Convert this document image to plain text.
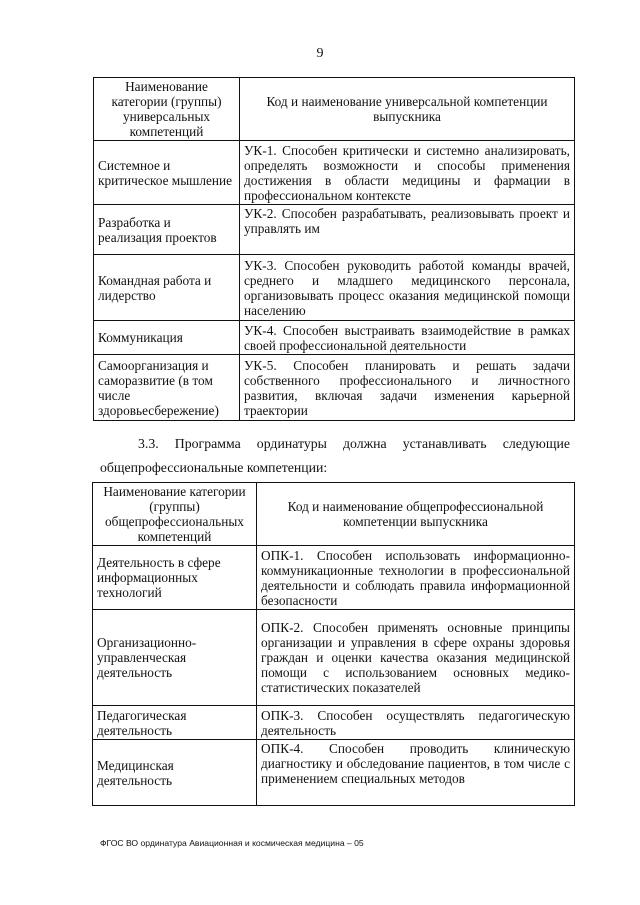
9
Наименование категории (группы) универсальных компетенций	Код и наименование универсальной компетенции выпускника
Системное и критическое мышление	УК-1. Способен критически и системно анализировать, определять возможности и способы применения достижения в области медицины и фармации в профессиональном контексте
Разработка и реализация проектов	УК-2. Способен разрабатывать, реализовывать проект и управлять им
Командная работа и лидерство	УК-3. Способен руководить работой команды врачей, среднего и младшего медицинского персонала, организовывать процесс оказания медицинской помощи населению
Коммуникация	УК-4. Способен выстраивать взаимодействие в рамках своей профессиональной деятельности
Самоорганизация и саморазвитие (в том числе здоровьесбережение)	УК-5. Способен планировать и решать задачи собственного профессионального и личностного развития, включая задачи изменения карьерной траектории
3.3. Программа ординатуры должна устанавливать следующие общепрофессиональные компетенции:
Наименование категории (группы) общепрофессиональных компетенций	Код и наименование общепрофессиональной компетенции выпускника
Деятельность в сфере информационных технологий	ОПК-1. Способен использовать информационно-коммуникационные технологии в профессиональной деятельности и соблюдать правила информационной безопасности
Организационно-управленческая деятельность	ОПК-2. Способен применять основные принципы организации и управления в сфере охраны здоровья граждан и оценки качества оказания медицинской помощи с использованием основных медико-статистических показателей
Педагогическая деятельность	ОПК-3. Способен осуществлять педагогическую деятельность
Медицинская деятельность	ОПК-4. Способен проводить клиническую диагностику и обследование пациентов, в том числе с применением специальных методов
ФГОС ВО ординатура Авиационная и космическая медицина – 05
